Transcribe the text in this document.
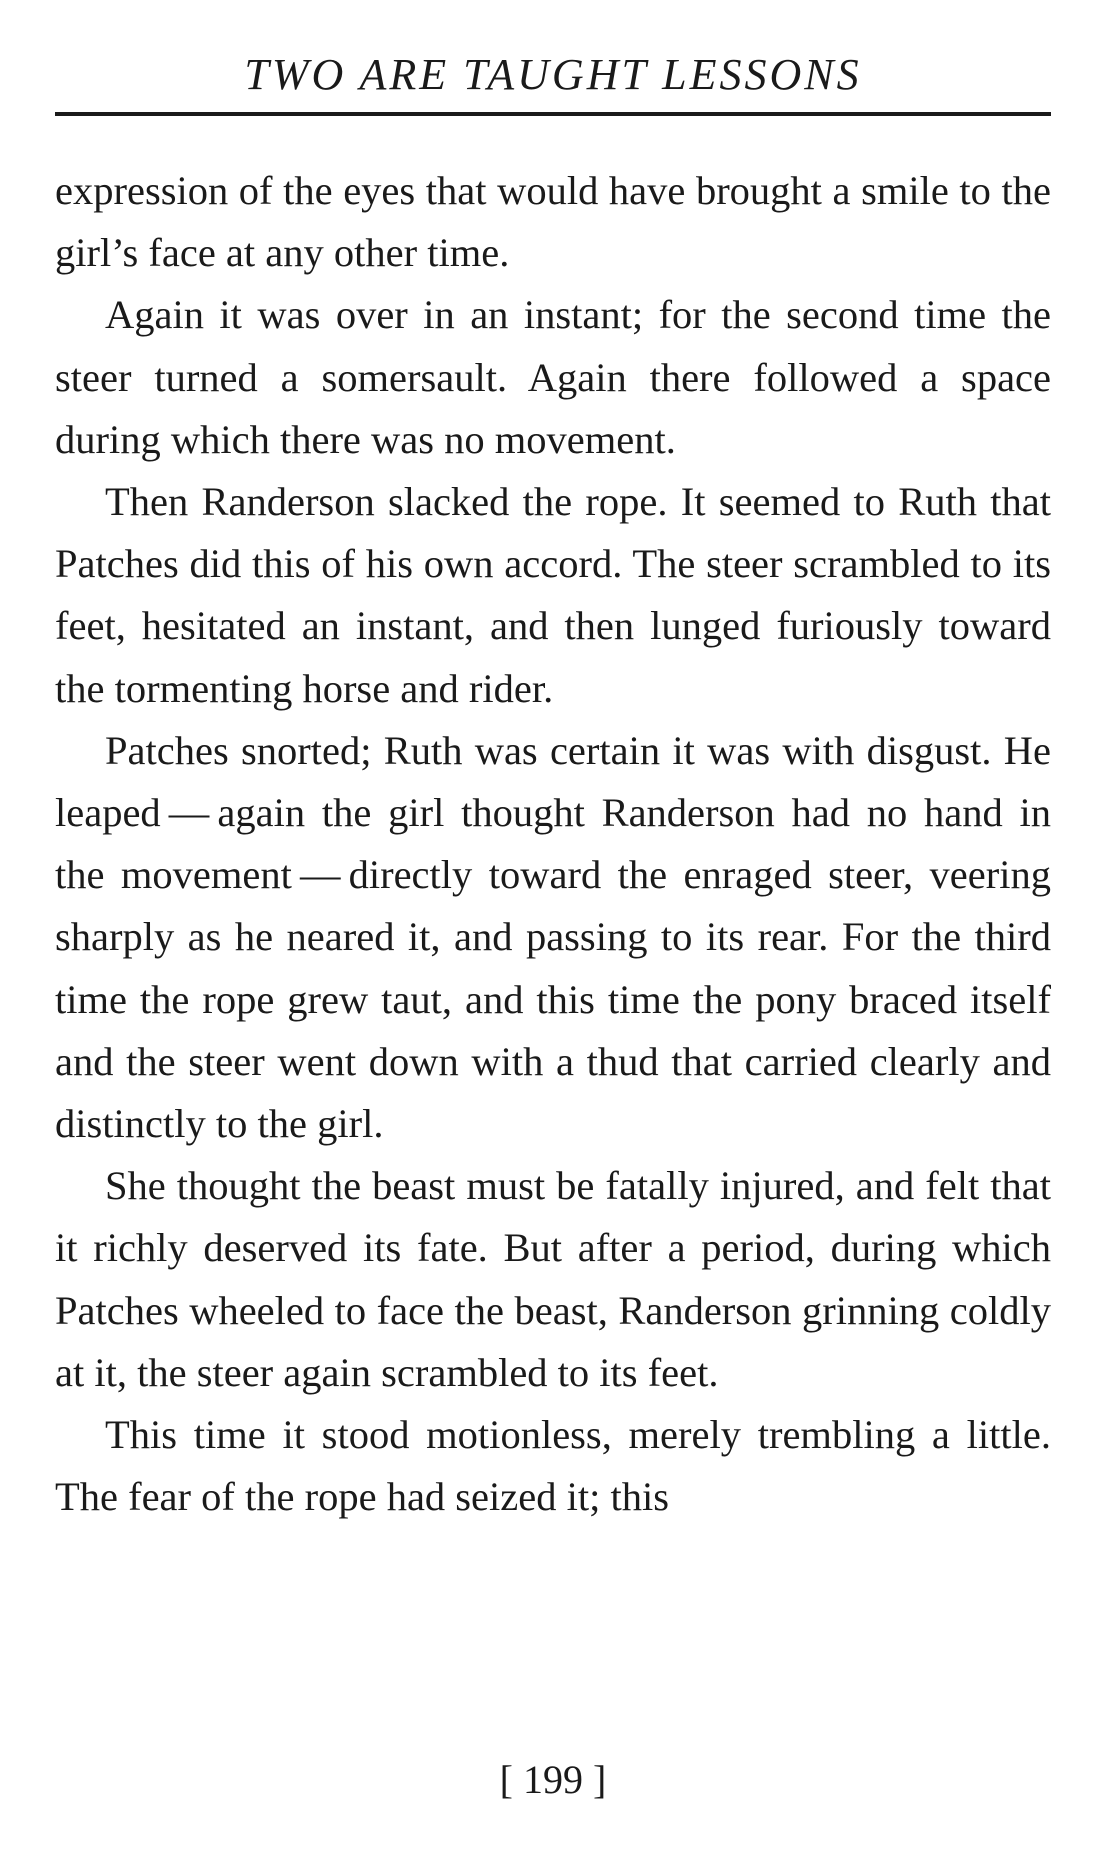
TWO ARE TAUGHT LESSONS

expression of the eyes that would have brought a smile to the girl’s face at any other time.

Again it was over in an instant; for the second time the steer turned a somersault. Again there followed a space during which there was no movement.

Then Randerson slacked the rope. It seemed to Ruth that Patches did this of his own accord. The steer scrambled to its feet, hesitated an instant, and then lunged furiously toward the tormenting horse and rider.

Patches snorted; Ruth was certain it was with disgust. He leaped — again the girl thought Randerson had no hand in the movement — directly toward the enraged steer, veering sharply as he neared it, and passing to its rear. For the third time the rope grew taut, and this time the pony braced itself and the steer went down with a thud that carried clearly and distinctly to the girl.

She thought the beast must be fatally injured, and felt that it richly deserved its fate. But after a period, during which Patches wheeled to face the beast, Randerson grinning coldly at it, the steer again scrambled to its feet.

This time it stood motionless, merely trembling a little. The fear of the rope had seized it; this

[ 199 ]
